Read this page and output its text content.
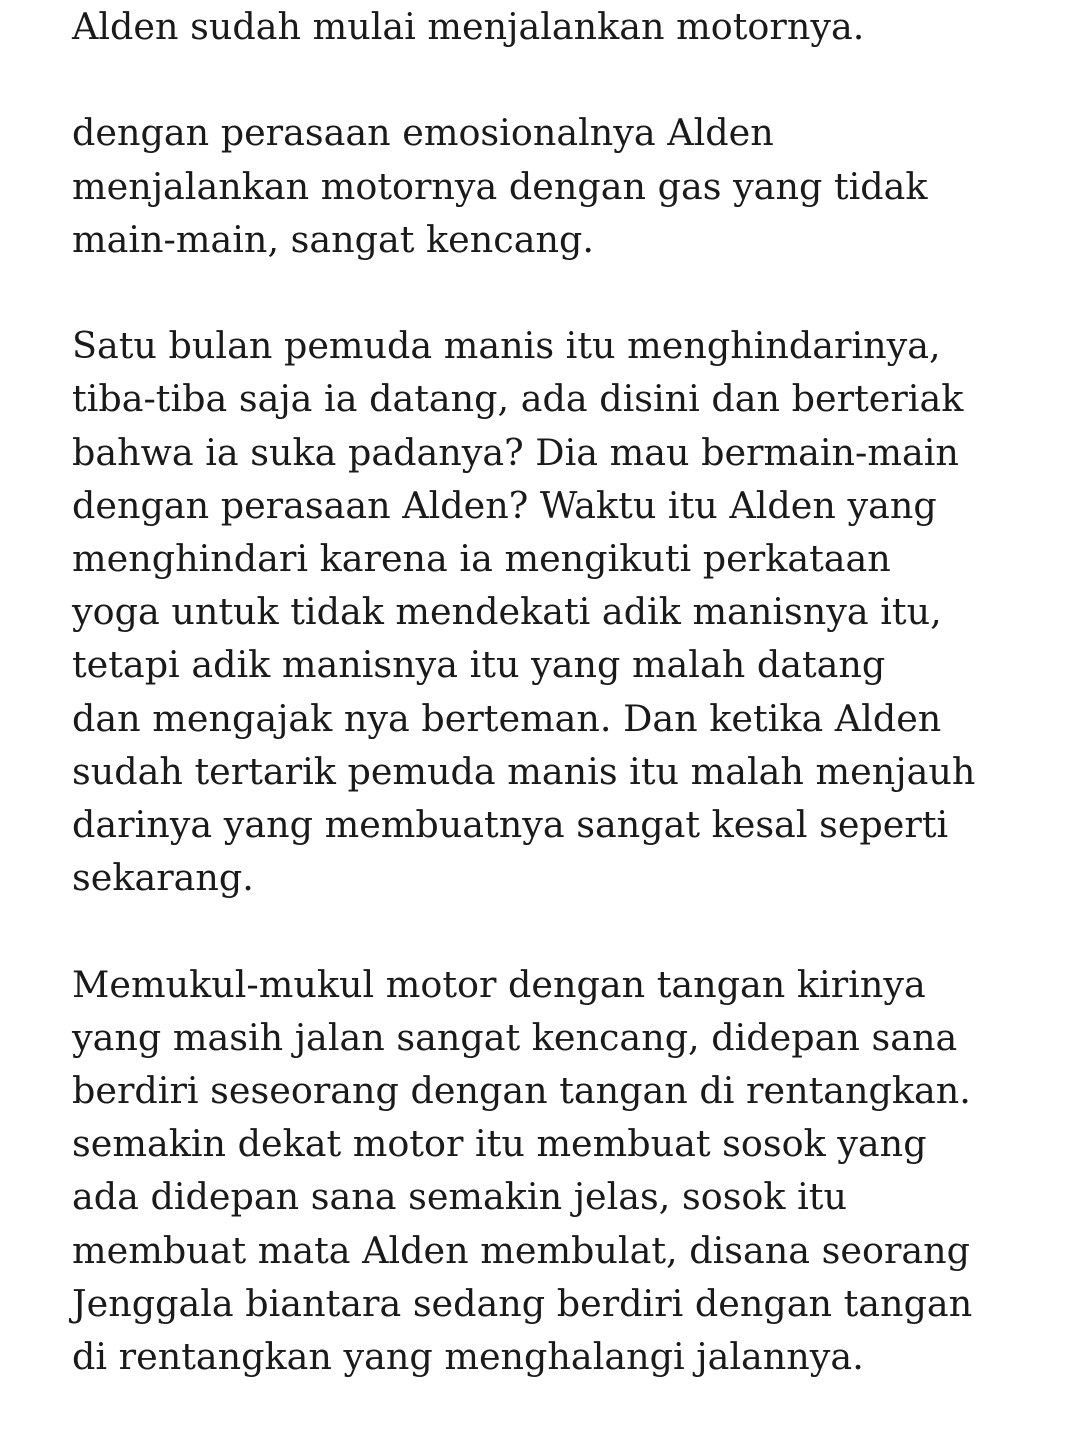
Alden sudah mulai menjalankan motornya.

dengan perasaan emosionalnya Alden
menjalankan motornya dengan gas yang tidak
main-main, sangat kencang.

Satu bulan pemuda manis itu menghindarinya,
tiba-tiba saja ia datang, ada disini dan berteriak
bahwa ia suka padanya? Dia mau bermain-main
dengan perasaan Alden? Waktu itu Alden yang
menghindari karena ia mengikuti perkataan
yoga untuk tidak mendekati adik manisnya itu,
tetapi adik manisnya itu yang malah datang
dan mengajak nya berteman. Dan ketika Alden
sudah tertarik pemuda manis itu malah menjauh
darinya yang membuatnya sangat kesal seperti
sekarang.

Memukul-mukul motor dengan tangan kirinya
yang masih jalan sangat kencang, didepan sana
berdiri seseorang dengan tangan di rentangkan.
semakin dekat motor itu membuat sosok yang
ada didepan sana semakin jelas, sosok itu
membuat mata Alden membulat, disana seorang
Jenggala biantara sedang berdiri dengan tangan
di rentangkan yang menghalangi jalannya.
